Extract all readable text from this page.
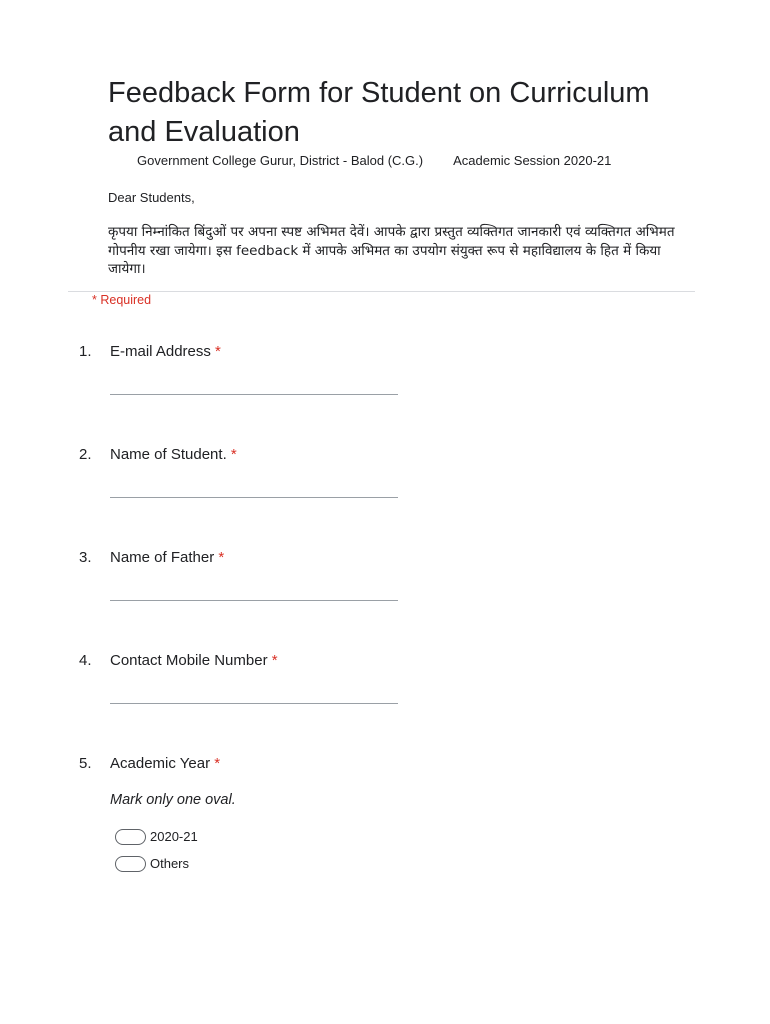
Feedback Form for Student on Curriculum and Evaluation
Government College Gurur, District - Balod (C.G.) Academic Session 2020-21
Dear Students,
कृपया निम्नांकित बिंदुओं पर अपना स्पष्ट अभिमत देवें। आपके द्वारा प्रस्तुत व्यक्तिगत जानकारी एवं व्यक्तिगत अभिमत गोपनीय रखा जायेगा। इस feedback में आपके अभिमत का उपयोग संयुक्त रूप से महाविद्यालय के हित में किया जायेगा।
* Required
1. E-mail Address *
2. Name of Student. *
3. Name of Father *
4. Contact Mobile Number *
5. Academic Year *
Mark only one oval.
2020-21
Others
